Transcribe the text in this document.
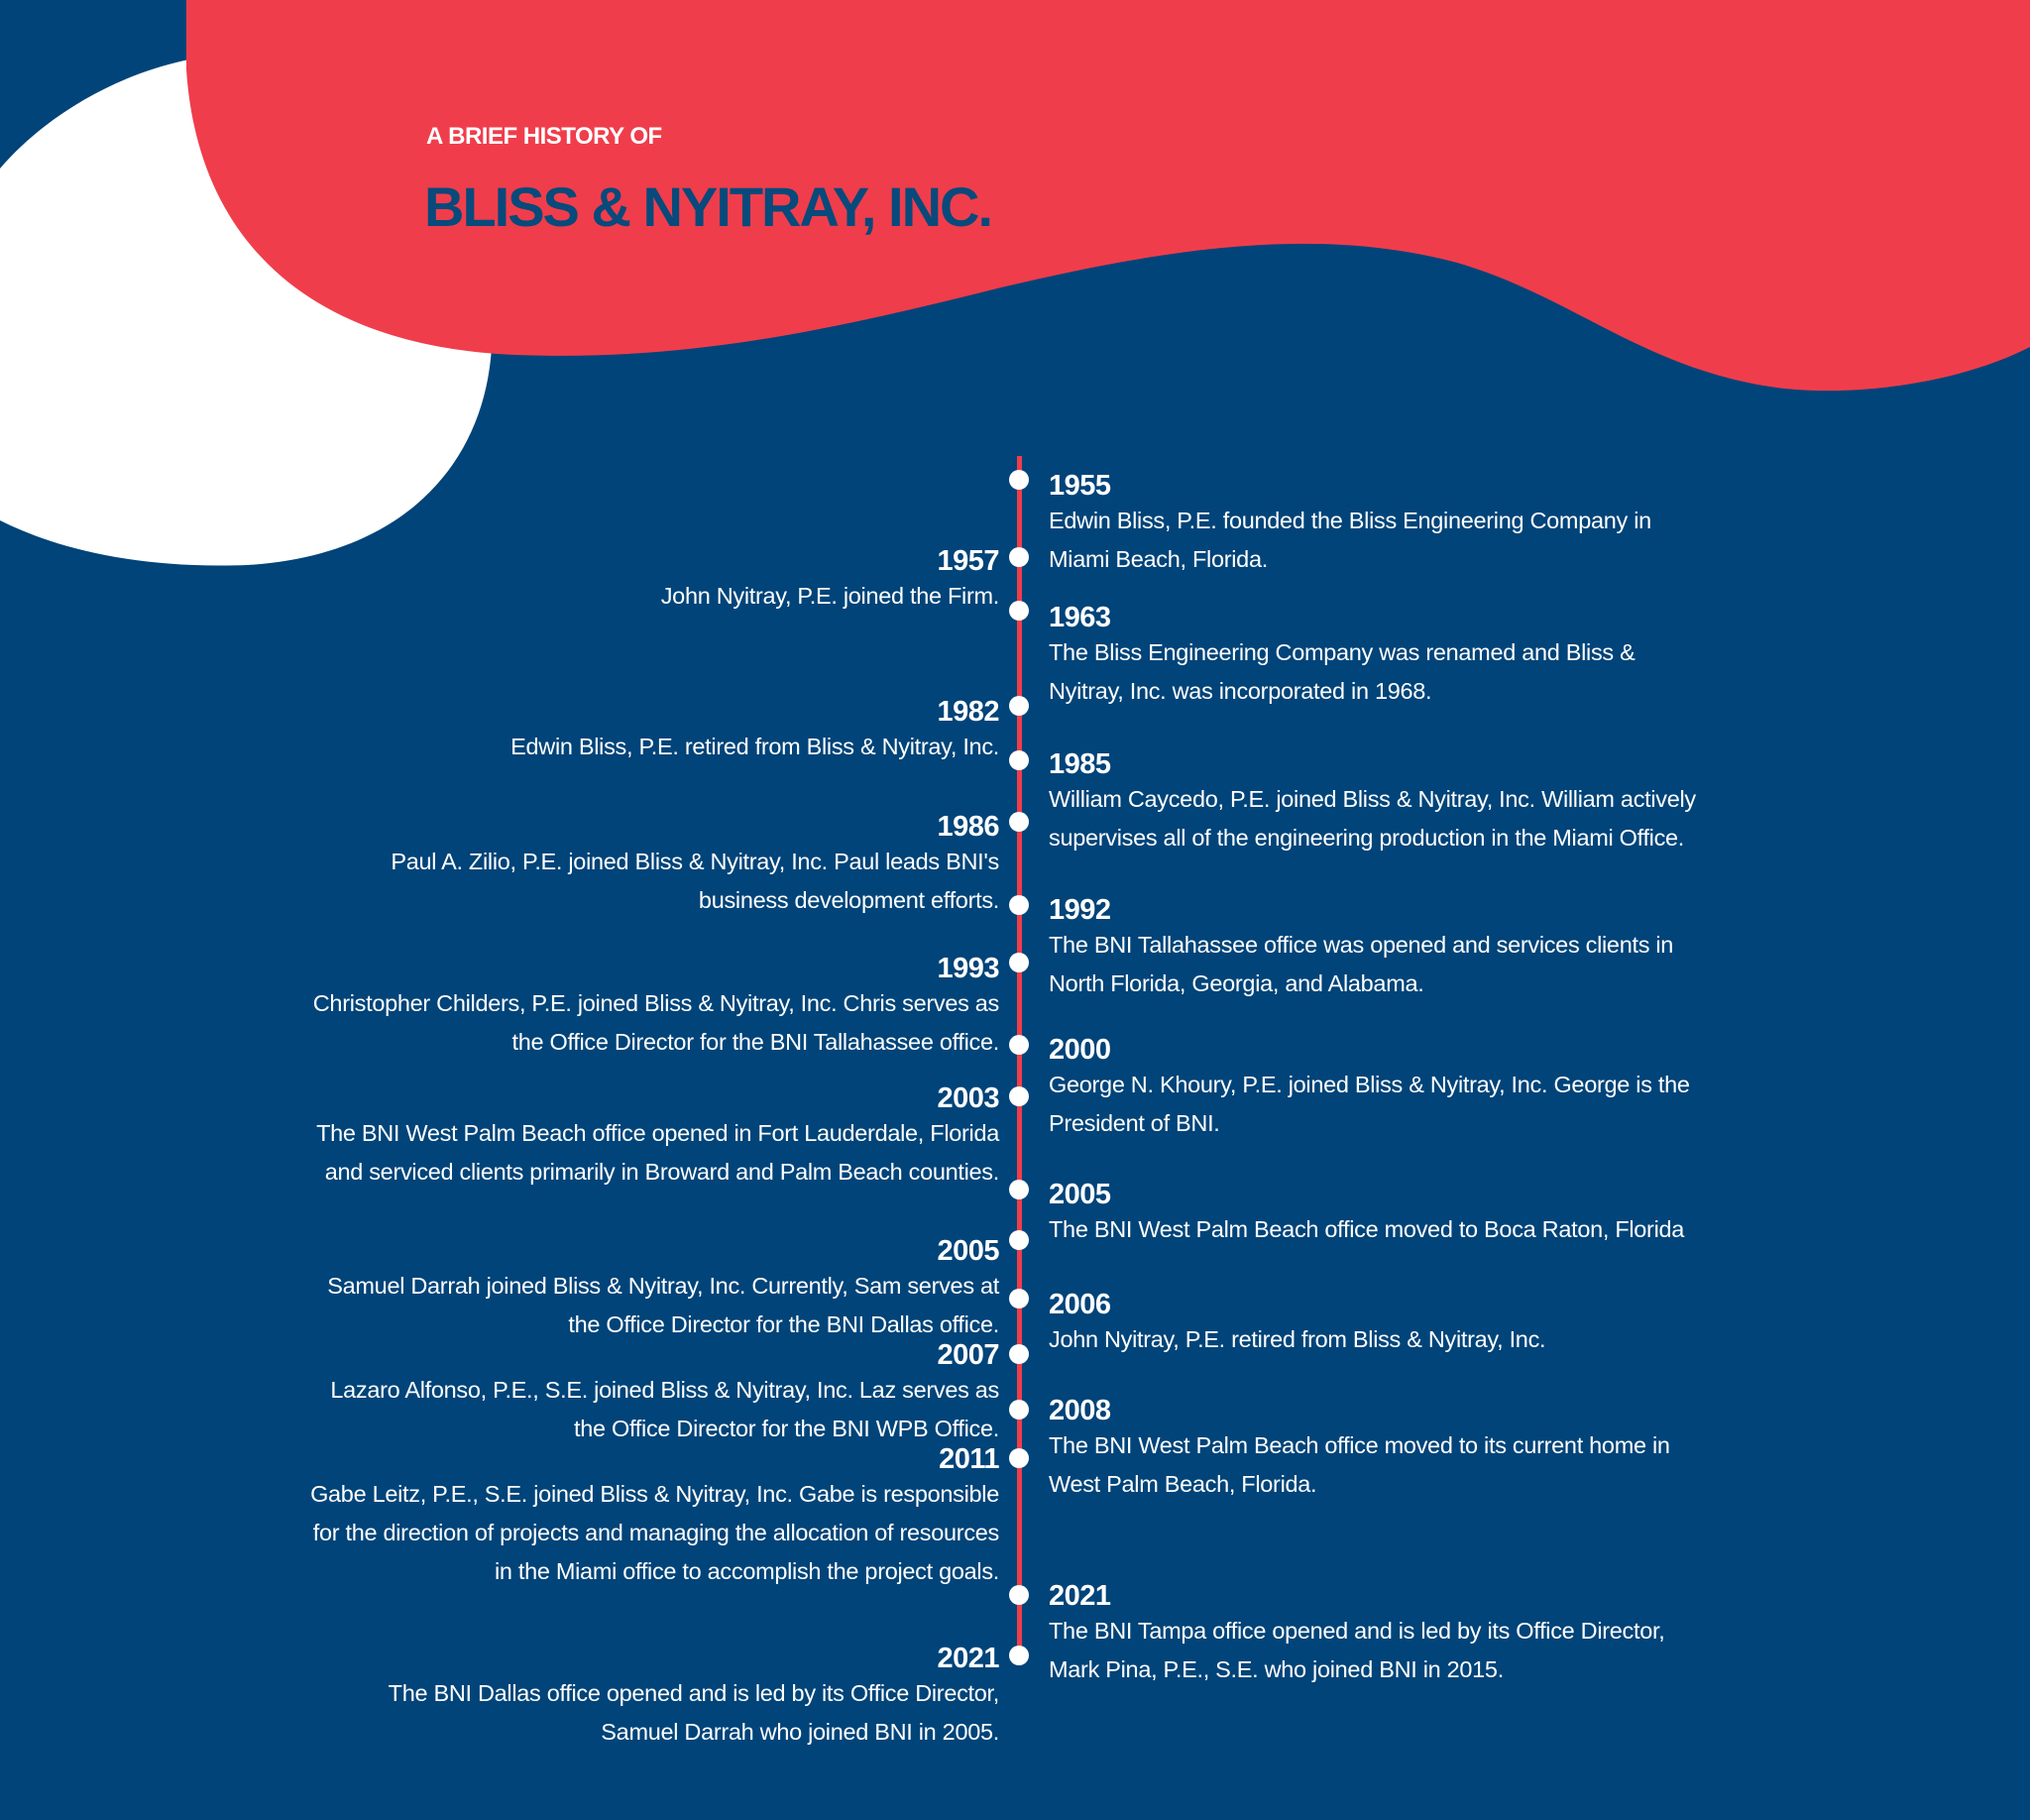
A BRIEF HISTORY OF
BLISS & NYITRAY, INC.
1955
Edwin Bliss, P.E. founded the Bliss Engineering Company in Miami Beach, Florida.
1963
The Bliss Engineering Company was renamed and Bliss & Nyitray, Inc. was incorporated in 1968.
1985
William Caycedo, P.E. joined Bliss & Nyitray, Inc. William actively supervises all of the engineering production in the Miami Office.
1992
The BNI Tallahassee office was opened and services clients in North Florida, Georgia, and Alabama.
2000
George N. Khoury, P.E. joined Bliss & Nyitray, Inc. George is the President of BNI.
2005
The BNI West Palm Beach office moved to Boca Raton, Florida
2006
John Nyitray, P.E. retired from Bliss & Nyitray, Inc.
2008
The BNI West Palm Beach office moved to its current home in West Palm Beach, Florida.
2021
The BNI Tampa office opened and is led by its Office Director, Mark Pina, P.E., S.E. who joined BNI in 2015.
1957
John Nyitray, P.E. joined the Firm.
1982
Edwin Bliss, P.E. retired from Bliss & Nyitray, Inc.
1986
Paul A. Zilio, P.E. joined Bliss & Nyitray, Inc. Paul leads BNI's business development efforts.
1993
Christopher Childers, P.E. joined Bliss & Nyitray, Inc. Chris serves as the Office Director for the BNI Tallahassee office.
2003
The BNI West Palm Beach office opened in Fort Lauderdale, Florida and serviced clients primarily in Broward and Palm Beach counties.
2005
Samuel Darrah joined Bliss & Nyitray, Inc. Currently, Sam serves at the Office Director for the BNI Dallas office.
2007
Lazaro Alfonso, P.E., S.E. joined Bliss & Nyitray, Inc. Laz serves as the Office Director for the BNI WPB Office.
2011
Gabe Leitz, P.E., S.E. joined Bliss & Nyitray, Inc. Gabe is responsible for the direction of projects and managing the allocation of resources in the Miami office to accomplish the project goals.
2021
The BNI Dallas office opened and is led by its Office Director, Samuel Darrah who joined BNI in 2005.
